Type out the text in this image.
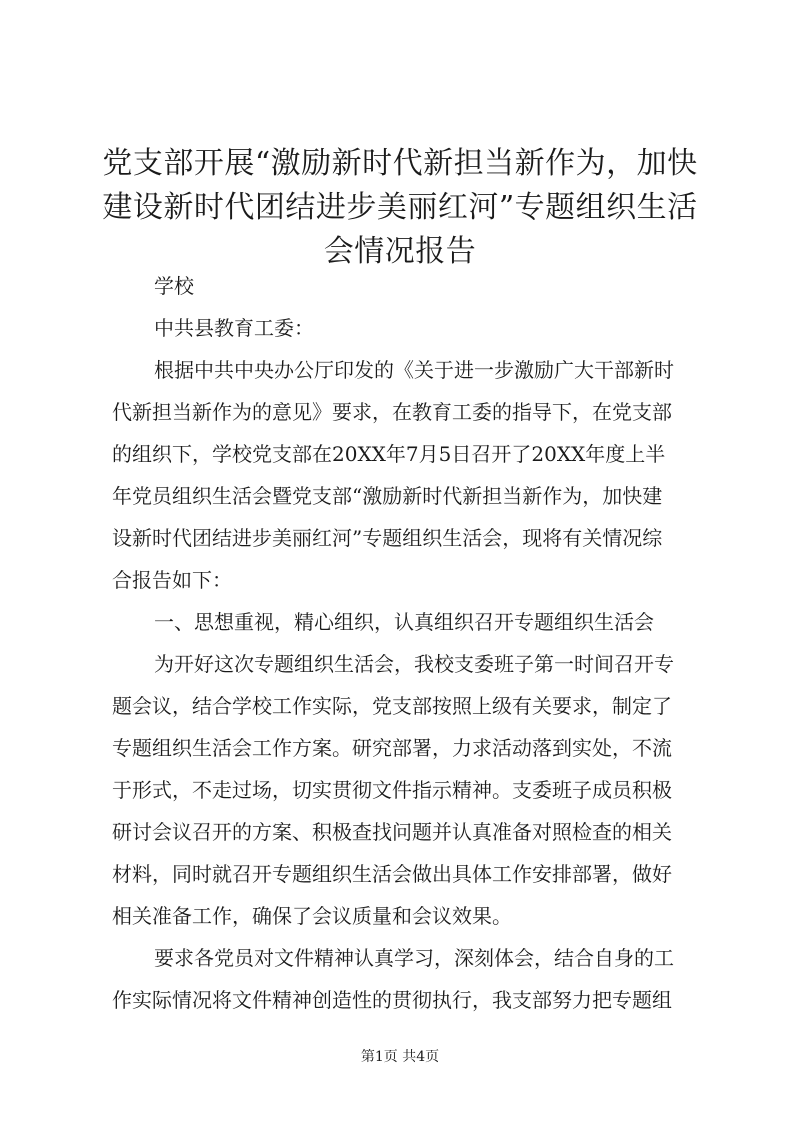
党支部开展“激励新时代新担当新作为，加快
建设新时代团结进步美丽红河”专题组织生活
会情况报告
学校
中共县教育工委：
根据中共中央办公厅印发的《关于进一步激励广大干部新时
代新担当新作为的意见》要求，在教育工委的指导下，在党支部
的组织下，学校党支部在20XX年7月5日召开了20XX年度上半
年党员组织生活会暨党支部“激励新时代新担当新作为，加快建
设新时代团结进步美丽红河”专题组织生活会，现将有关情况综
合报告如下：
一、思想重视，精心组织，认真组织召开专题组织生活会
为开好这次专题组织生活会，我校支委班子第一时间召开专
题会议，结合学校工作实际，党支部按照上级有关要求，制定了
专题组织生活会工作方案。研究部署，力求活动落到实处，不流
于形式，不走过场，切实贯彻文件指示精神。支委班子成员积极
研讨会议召开的方案、积极查找问题并认真准备对照检查的相关
材料，同时就召开专题组织生活会做出具体工作安排部署，做好
相关准备工作，确保了会议质量和会议效果。
要求各党员对文件精神认真学习，深刻体会，结合自身的工
作实际情况将文件精神创造性的贯彻执行，我支部努力把专题组
第1页 共4页
